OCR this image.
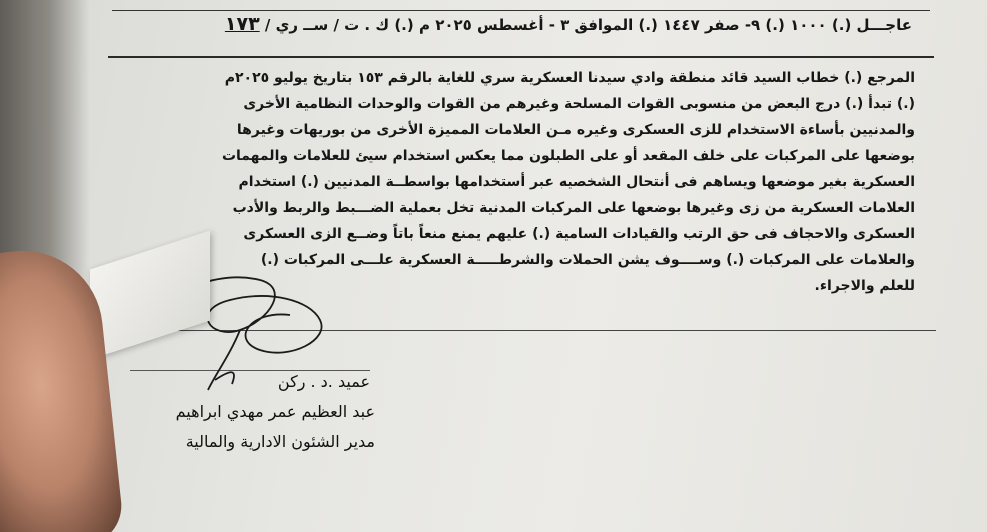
عاجـــل (.) ١٠٠٠ (.) ٩- صفر ١٤٤٧ (.) الموافق ٣ - أغسطس ٢٠٢٥ م (.) ك . ت / ســ ري / ١٧٣
المرجع (.) خطاب السيد قائد منطقة وادي سيدنا العسكرية سري للغاية بالرقم ١٥٣ بتاريخ يوليو ٢٠٢٥م
(.) تبدأ (.) درج البعض من منسوبى القوات المسلحة وغيرهم من القوات والوحدات النظامية الأخرى
والمدنيين بأساءة الاستخدام للزى العسكرى وغيره مـن العلامات المميزة الأخرى من بوريهات وغيرها
بوضعها على المركبات على خلف المقعد أو على الطبلون مما يعكس استخدام سيئ للعلامات والمهمات
العسكرية بغير موضعها ويساهم فى أنتحال الشخصيه عبر أستخدامها بواسطــة المدنيين (.) استخدام
العلامات العسكرية من زى وغيرها بوضعها على المركبات المدنية تخل بعملية الضـــبط والربط والأدب
العسكرى والاحجاف فى حق الرتب والقيادات السامية (.) عليهم يمنع منعاً باتاً وضــع الزى العسكرى
والعلامات على المركبات (.) وســــوف يشن الحملات والشرطـــــة العسكرية علـــى المركبات (.)
للعلم والاجراء.
عميد .د . ركن
عبد العظيم عمر مهدي ابراهيم
مدير الشئون الادارية والمالية
